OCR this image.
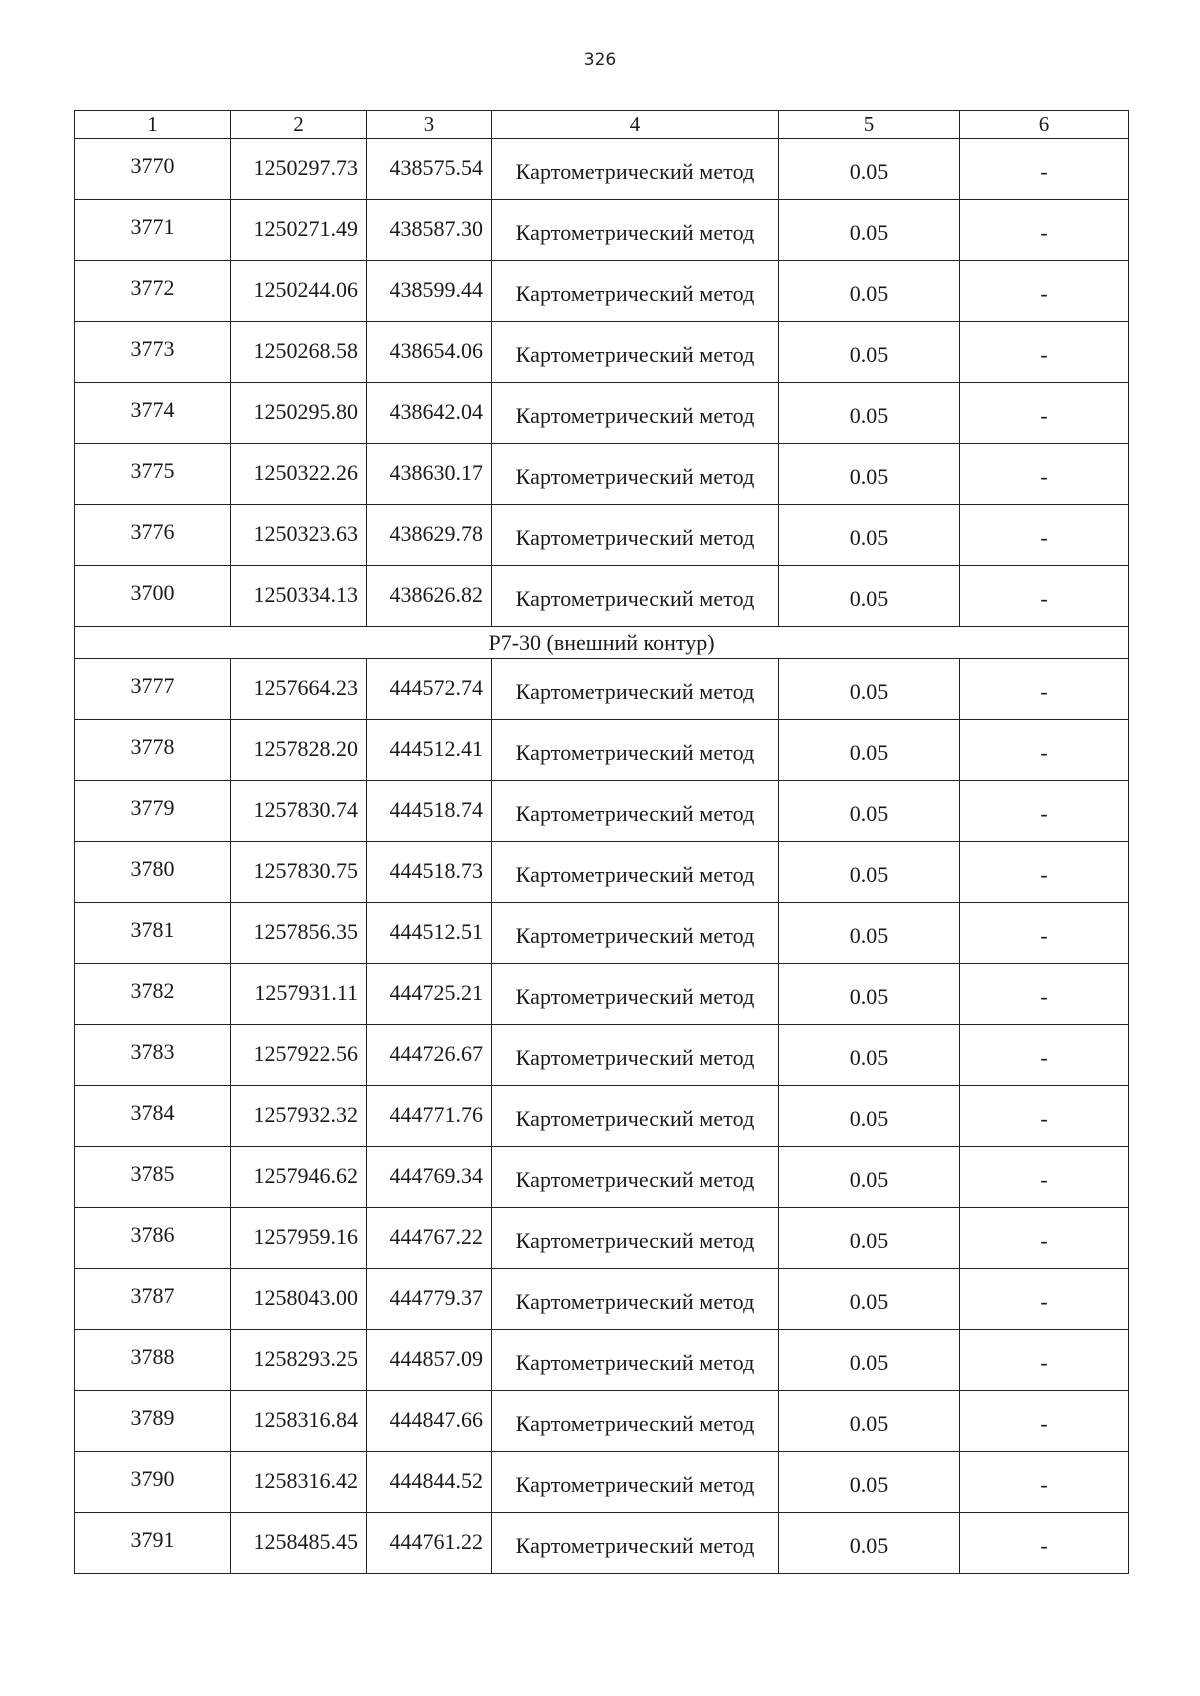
326
1	2	3	4	5	6
3770	1250297.73	438575.54	Картометрический метод	0.05	-
3771	1250271.49	438587.30	Картометрический метод	0.05	-
3772	1250244.06	438599.44	Картометрический метод	0.05	-
3773	1250268.58	438654.06	Картометрический метод	0.05	-
3774	1250295.80	438642.04	Картометрический метод	0.05	-
3775	1250322.26	438630.17	Картометрический метод	0.05	-
3776	1250323.63	438629.78	Картометрический метод	0.05	-
3700	1250334.13	438626.82	Картометрический метод	0.05	-
Р7-30 (внешний контур)					
3777	1257664.23	444572.74	Картометрический метод	0.05	-
3778	1257828.20	444512.41	Картометрический метод	0.05	-
3779	1257830.74	444518.74	Картометрический метод	0.05	-
3780	1257830.75	444518.73	Картометрический метод	0.05	-
3781	1257856.35	444512.51	Картометрический метод	0.05	-
3782	1257931.11	444725.21	Картометрический метод	0.05	-
3783	1257922.56	444726.67	Картометрический метод	0.05	-
3784	1257932.32	444771.76	Картометрический метод	0.05	-
3785	1257946.62	444769.34	Картометрический метод	0.05	-
3786	1257959.16	444767.22	Картометрический метод	0.05	-
3787	1258043.00	444779.37	Картометрический метод	0.05	-
3788	1258293.25	444857.09	Картометрический метод	0.05	-
3789	1258316.84	444847.66	Картометрический метод	0.05	-
3790	1258316.42	444844.52	Картометрический метод	0.05	-
3791	1258485.45	444761.22	Картометрический метод	0.05	-
